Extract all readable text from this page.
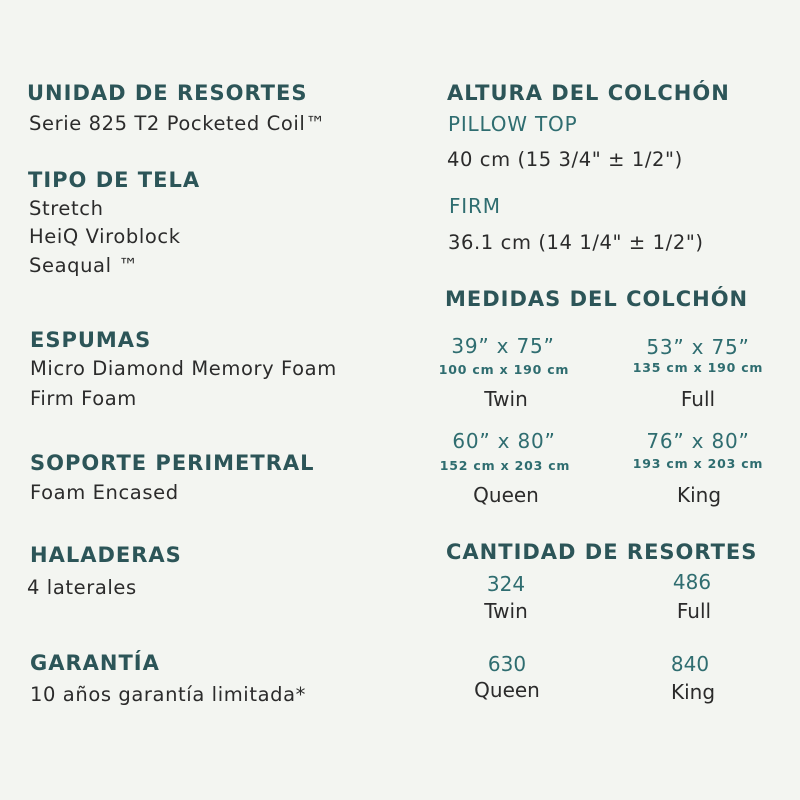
UNIDAD DE RESORTES
Serie 825 T2 Pocketed Coil™
TIPO DE TELA
Stretch
HeiQ Viroblock
Seaqual ™
ESPUMAS
Micro Diamond Memory Foam
Firm Foam
SOPORTE PERIMETRAL
Foam Encased
HALADERAS
4 laterales
GARANTÍA
10 años garantía limitada*
ALTURA DEL COLCHÓN
PILLOW TOP
40 cm (15 3/4" ± 1/2")
FIRM
36.1 cm (14 1/4" ± 1/2")
MEDIDAS DEL COLCHÓN
39” x 75”
100 cm x 190 cm
Twin
53” x 75”
135 cm x 190 cm
Full
60” x 80”
152 cm x 203 cm
Queen
76” x 80”
193 cm x 203 cm
King
CANTIDAD DE RESORTES
324
Twin
486
Full
630
Queen
840
King
